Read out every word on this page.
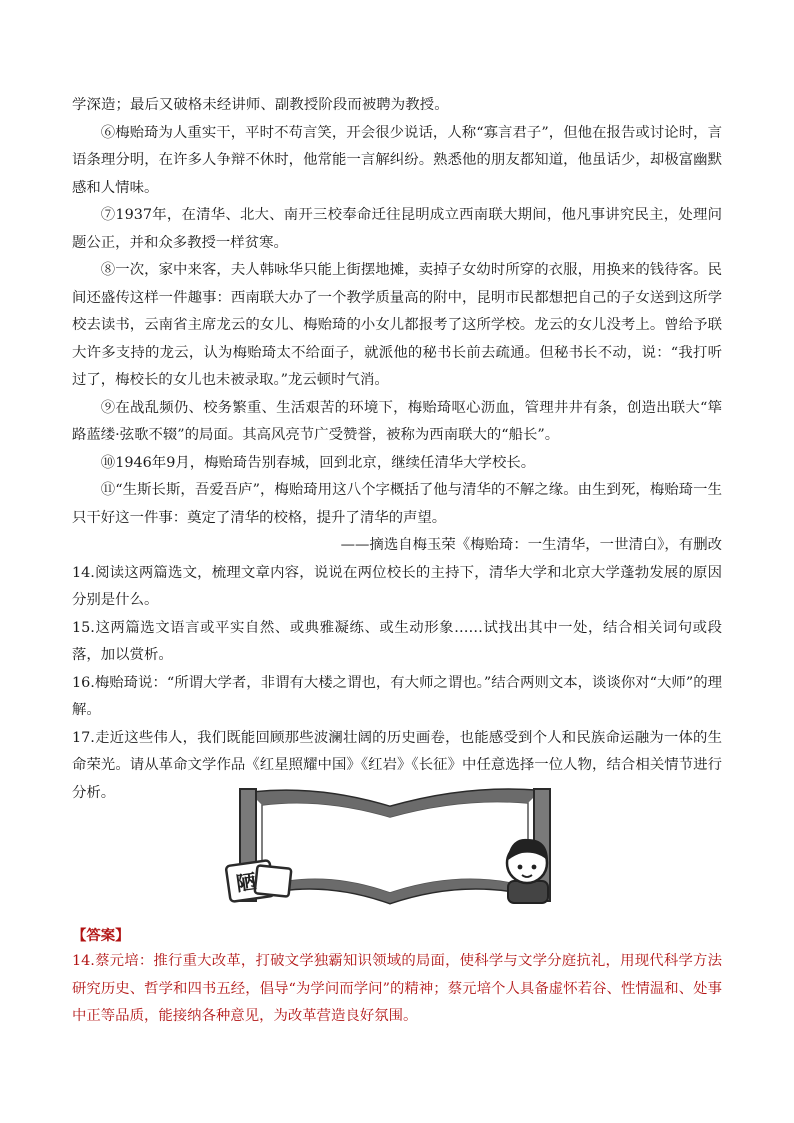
学深造；最后又破格未经讲师、副教授阶段而被聘为教授。
⑥梅贻琦为人重实干，平时不苟言笑，开会很少说话，人称“寡言君子”，但他在报告或讨论时，言语条理分明，在许多人争辩不休时，他常能一言解纠纷。熟悉他的朋友都知道，他虽话少，却极富幽默感和人情味。
⑦1937年，在清华、北大、南开三校奉命迁往昆明成立西南联大期间，他凡事讲究民主，处理问题公正，并和众多教授一样贫寒。
⑧一次，家中来客，夫人韩咏华只能上街摆地摊，卖掉子女幼时所穿的衣服，用换来的钱待客。民间还盛传这样一件趣事：西南联大办了一个教学质量高的附中，昆明市民都想把自己的子女送到这所学校去读书，云南省主席龙云的女儿、梅贻琦的小女儿都报考了这所学校。龙云的女儿没考上。曾给予联大许多支持的龙云，认为梅贻琦太不给面子，就派他的秘书长前去疏通。但秘书长不动，说：“我打听过了，梅校长的女儿也未被录取。”龙云顿时气消。
⑨在战乱频仍、校务繁重、生活艰苦的环境下，梅贻琦呕心沥血，管理井井有条，创造出联大“筚路蓝缕·弦歌不辍”的局面。其高风亮节广受赞誉，被称为西南联大的“船长”。
⑩1946年9月，梅贻琦告别春城，回到北京，继续任清华大学校长。
⑪“生斯长斯，吾爱吾庐”，梅贻琦用这八个字概括了他与清华的不解之缘。由生到死，梅贻琦一生只干好这一件事：奠定了清华的校格，提升了清华的声望。
——摘选自梅玉荣《梅贻琦：一生清华，一世清白》，有删改
14.阅读这两篇选文，梳理文章内容，说说在两位校长的主持下，清华大学和北京大学蓬勃发展的原因分别是什么。
15.这两篇选文语言或平实自然、或典雅凝练、或生动形象……试找出其中一处，结合相关词句或段落，加以赏析。
16.梅贻琦说：“所谓大学者，非谓有大楼之谓也，有大师之谓也。”结合两则文本，谈谈你对“大师”的理解。
17.走近这些伟人，我们既能回顾那些波澜壮阔的历史画卷，也能感受到个人和民族命运融为一体的生命荣光。请从革命文学作品《红星照耀中国》《红岩》《长征》中任意选择一位人物，结合相关情节进行分析。
陋
【答案】
14.蔡元培：推行重大改革，打破文学独霸知识领域的局面，使科学与文学分庭抗礼，用现代科学方法研究历史、哲学和四书五经，倡导“为学问而学问”的精神；蔡元培个人具备虚怀若谷、性情温和、处事中正等品质，能接纳各种意见，为改革营造良好氛围。
